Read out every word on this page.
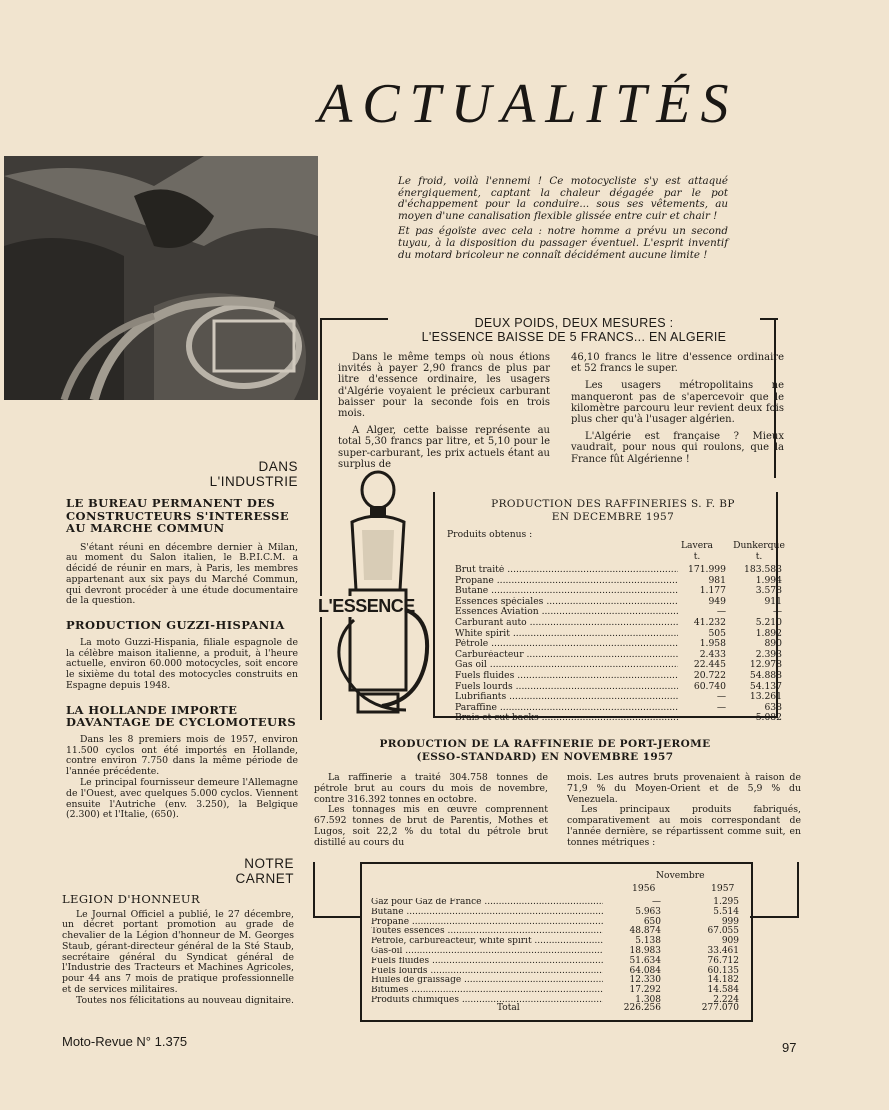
ACTUALITÉS

Le froid, voilà l'ennemi ! Ce motocycliste s'y est attaqué énergiquement, captant la chaleur dégagée par le pot d'échappement pour la conduire... sous ses vêtements, au moyen d'une canalisation flexible glissée entre cuir et chair !

Et pas égoïste avec cela : notre homme a prévu un second tuyau, à la disposition du passager éventuel. L'esprit inventif du motard bricoleur ne connaît décidément aucune limite !

DEUX POIDS, DEUX MESURES :
L'ESSENCE BAISSE DE 5 FRANCS... EN ALGERIE

Dans le même temps où nous étions invités à payer 2,90 francs de plus par litre d'essence ordinaire, les usagers d'Algérie voyaient le précieux carburant baisser pour la seconde fois en trois mois.

A Alger, cette baisse représente au total 5,30 francs par litre, et 5,10 pour le super-carburant, les prix actuels étant au surplus de

46,10 francs le litre d'essence ordinaire et 52 francs le super.

Les usagers métropolitains ne manqueront pas de s'apercevoir que le kilomètre parcouru leur revient deux fois plus cher qu'à l'usager algérien.

L'Algérie est française ? Mieux vaudrait, pour nous qui roulons, que la France fût Algérienne !

L'ESSENCE
PRODUCTION DES RAFFINERIES S. F. BP
EN DECEMBRE 1957
Produits obtenus :
Lavera	Dunkerque
t.	t.
Brut traité .....	171.999	183.583
Propane .....	981	1.994
Butane .....	1.177	3.578
Essences spéciales .....	949	911
Essences Aviation .....	—	—
Carburant auto .....	41.232	5.210
White spirit .....	505	1.892
Pétrole .....	1.958	890
Carburéacteur .....	2.433	2.393
Gas oil .....	22.445	12.978
Fuels fluides .....	20.722	54.888
Fuels lourds .....	60.740	54.137
Lubrifiants .....	—	13.261
Paraffine .....	—	638
Brais et cut backs .....	—	5.082
DANS
L'INDUSTRIE
LE BUREAU PERMANENT DES CONSTRUCTEURS S'INTERESSE AU MARCHE COMMUN

S'étant réuni en décembre dernier à Milan, au moment du Salon italien, le B.P.I.C.M. a décidé de réunir en mars, à Paris, les membres appartenant aux six pays du Marché Commun, qui devront procéder à une étude documentaire de la question.

PRODUCTION GUZZI-HISPANIA

La moto Guzzi-Hispania, filiale espagnole de la célèbre maison italienne, a produit, à l'heure actuelle, environ 60.000 motocycles, soit encore le sixième du total des motocycles construits en Espagne depuis 1948.

LA HOLLANDE IMPORTE DAVANTAGE DE CYCLOMOTEURS

Dans les 8 premiers mois de 1957, environ 11.500 cyclos ont été importés en Hollande, contre environ 7.750 dans la même période de l'année précédente.

Le principal fournisseur demeure l'Allemagne de l'Ouest, avec quelques 5.000 cyclos. Viennent ensuite l'Autriche (env. 3.250), la Belgique (2.300) et l'Italie, (650).

PRODUCTION DE LA RAFFINERIE DE PORT-JEROME
(ESSO-STANDARD) EN NOVEMBRE 1957

La raffinerie a traité 304.758 tonnes de pétrole brut au cours du mois de novembre, contre 316.392 tonnes en octobre.

Les tonnages mis en œuvre comprennent 67.592 tonnes de brut de Parentis, Mothes et Lugos, soit 22,2 % du total du pétrole brut distillé au cours du

mois. Les autres bruts provenaient à raison de 71,9 % du Moyen-Orient et de 5,9 % du Venezuela.

Les principaux produits fabriqués, comparativement au mois correspondant de l'année dernière, se répartissent comme suit, en tonnes métriques :

Novembre
1956	1957
Gaz pour Gaz de France .....	—	1.295
Butane .....	5.963	5.514
Propane .....	650	999
Toutes essences .....	48.874	67.055
Pétrole, carburéacteur, white spirit .....	5.138	909
Gas-oil .....	18.983	33.461
Fuels fluides .....	51.634	76.712
Fuels lourds .....	64.084	60.135
Huiles de graissage .....	12.330	14.182
Bitumes .....	17.292	14.584
Produits chimiques .....	1.308	2.224
Total	226.256	277.070
NOTRE
CARNET
LEGION D'HONNEUR

Le Journal Officiel a publié, le 27 décembre, un décret portant promotion au grade de chevalier de la Légion d'honneur de M. Georges Staub, gérant-directeur général de la Sté Staub, secrétaire général du Syndicat général de l'Industrie des Tracteurs et Machines Agricoles, pour 44 ans 7 mois de pratique professionnelle et de services militaires.

Toutes nos félicitations au nouveau dignitaire.

Moto-Revue N° 1.375	97
